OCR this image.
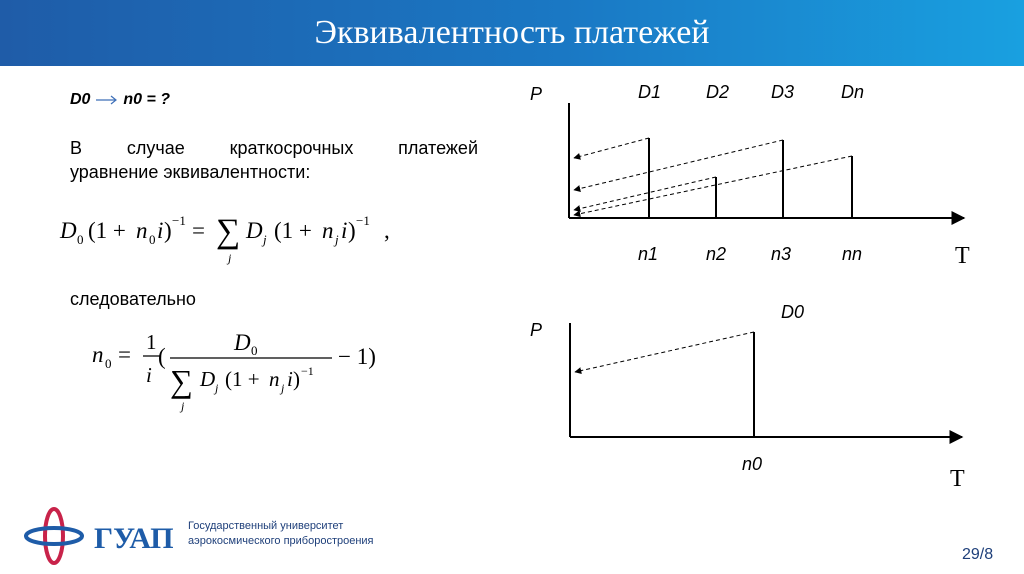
Эквивалентность платежей
D0 n0 = ?
В случае краткосрочных платежей
уравнение эквивалентности:
D 0 (1 + n 0 i ) −1 = ∑
j
D j (1 + n j i ) −1 ,
следовательно
n 0 = 1
i
(
D 0
∑
j
D j (1 + n j i ) −1
− 1)
P
T
D1 D2 D3	Dn
n1	n2 n3	nn
P
T
D0
n0
ГУАП Государственный университет
аэрокосмического приборостроения
29/8
